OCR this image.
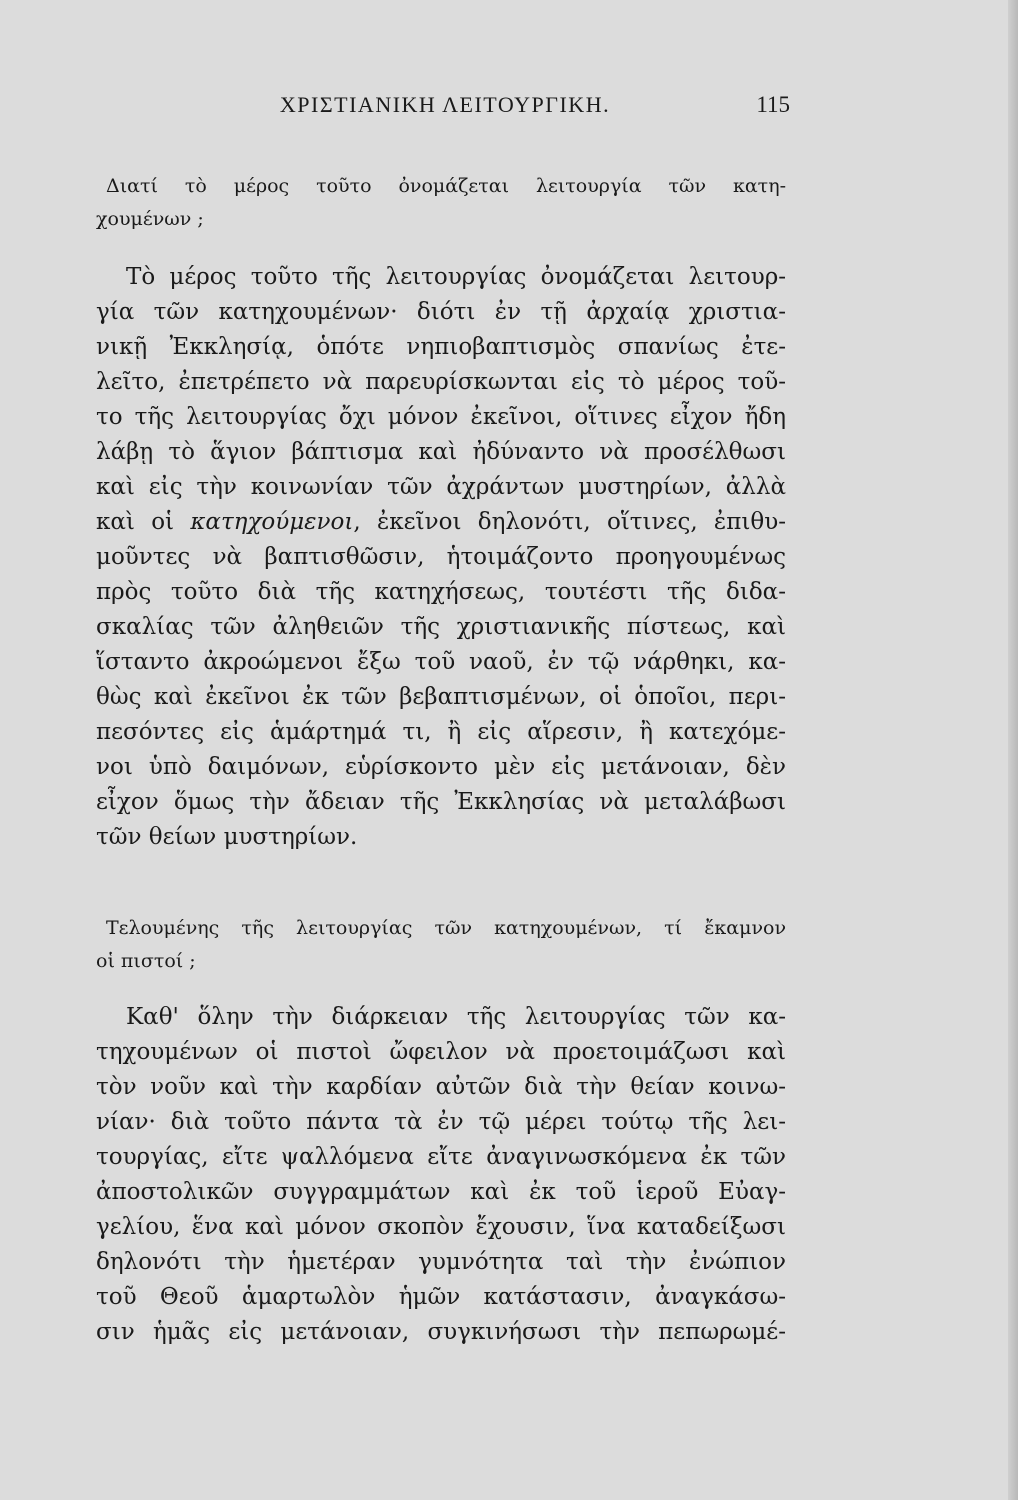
ΧΡΙΣΤΙΑΝΙΚΗ ΛΕΙΤΟΥΡΓΙΚΗ.	115
Διατί τὸ μέρος τοῦτο ὀνομάζεται λειτουργία τῶν κατη-
χουμένων ;
Τὸ μέρος τοῦτο τῆς λειτουργίας ὀνομάζεται λειτουρ-
γία τῶν κατηχουμένων· διότι ἐν τῇ ἀρχαίᾳ χριστια-
νικῇ Ἐκκλησίᾳ, ὁπότε νηπιοβαπτισμὸς σπανίως ἐτε-
λεῖτο, ἐπετρέπετο νὰ παρευρίσκωνται εἰς τὸ μέρος τοῦ-
το τῆς λειτουργίας ὄχι μόνον ἐκεῖνοι, οἵτινες εἶχον ἤδη
λάβῃ τὸ ἅγιον βάπτισμα καὶ ἠδύναντο νὰ προσέλθωσι
καὶ εἰς τὴν κοινωνίαν τῶν ἀχράντων μυστηρίων, ἀλλὰ
καὶ οἱ κατηχούμενοι, ἐκεῖνοι δηλονότι, οἵτινες, ἐπιθυ-
μοῦντες νὰ βαπτισθῶσιν, ἡτοιμάζοντο προηγουμένως
πρὸς τοῦτο διὰ τῆς κατηχήσεως, τουτέστι τῆς διδα-
σκαλίας τῶν ἀληθειῶν τῆς χριστιανικῆς πίστεως, καὶ
ἵσταντο ἀκροώμενοι ἔξω τοῦ ναοῦ, ἐν τῷ νάρθηκι, κα-
θὼς καὶ ἐκεῖνοι ἐκ τῶν βεβαπτισμένων, οἱ ὁποῖοι, περι-
πεσόντες εἰς ἁμάρτημά τι, ἢ εἰς αἵρεσιν, ἢ κατεχόμε-
νοι ὑπὸ δαιμόνων, εὑρίσκοντο μὲν εἰς μετάνοιαν, δὲν
εἶχον ὅμως τὴν ἄδειαν τῆς Ἐκκλησίας νὰ μεταλάβωσι
τῶν θείων μυστηρίων.
Τελουμένης τῆς λειτουργίας τῶν κατηχουμένων, τί ἔκαμνον
οἱ πιστοί ;
Καθ' ὅλην τὴν διάρκειαν τῆς λειτουργίας τῶν κα-
τηχουμένων οἱ πιστοὶ ὤφειλον νὰ προετοιμάζωσι καὶ
τὸν νοῦν καὶ τὴν καρδίαν αὐτῶν διὰ τὴν θείαν κοινω-
νίαν· διὰ τοῦτο πάντα τὰ ἐν τῷ μέρει τούτῳ τῆς λει-
τουργίας, εἴτε ψαλλόμενα εἴτε ἀναγινωσκόμενα ἐκ τῶν
ἀποστολικῶν συγγραμμάτων καὶ ἐκ τοῦ ἱεροῦ Εὐαγ-
γελίου, ἕνα καὶ μόνον σκοπὸν ἔχουσιν, ἵνα καταδείξωσι
δηλονότι τὴν ἡμετέραν γυμνότητα ταὶ τὴν ἐνώπιον
τοῦ Θεοῦ ἁμαρτωλὸν ἡμῶν κατάστασιν, ἀναγκάσω-
σιν ἡμᾶς εἰς μετάνοιαν, συγκινήσωσι τὴν πεπωρωμέ-
